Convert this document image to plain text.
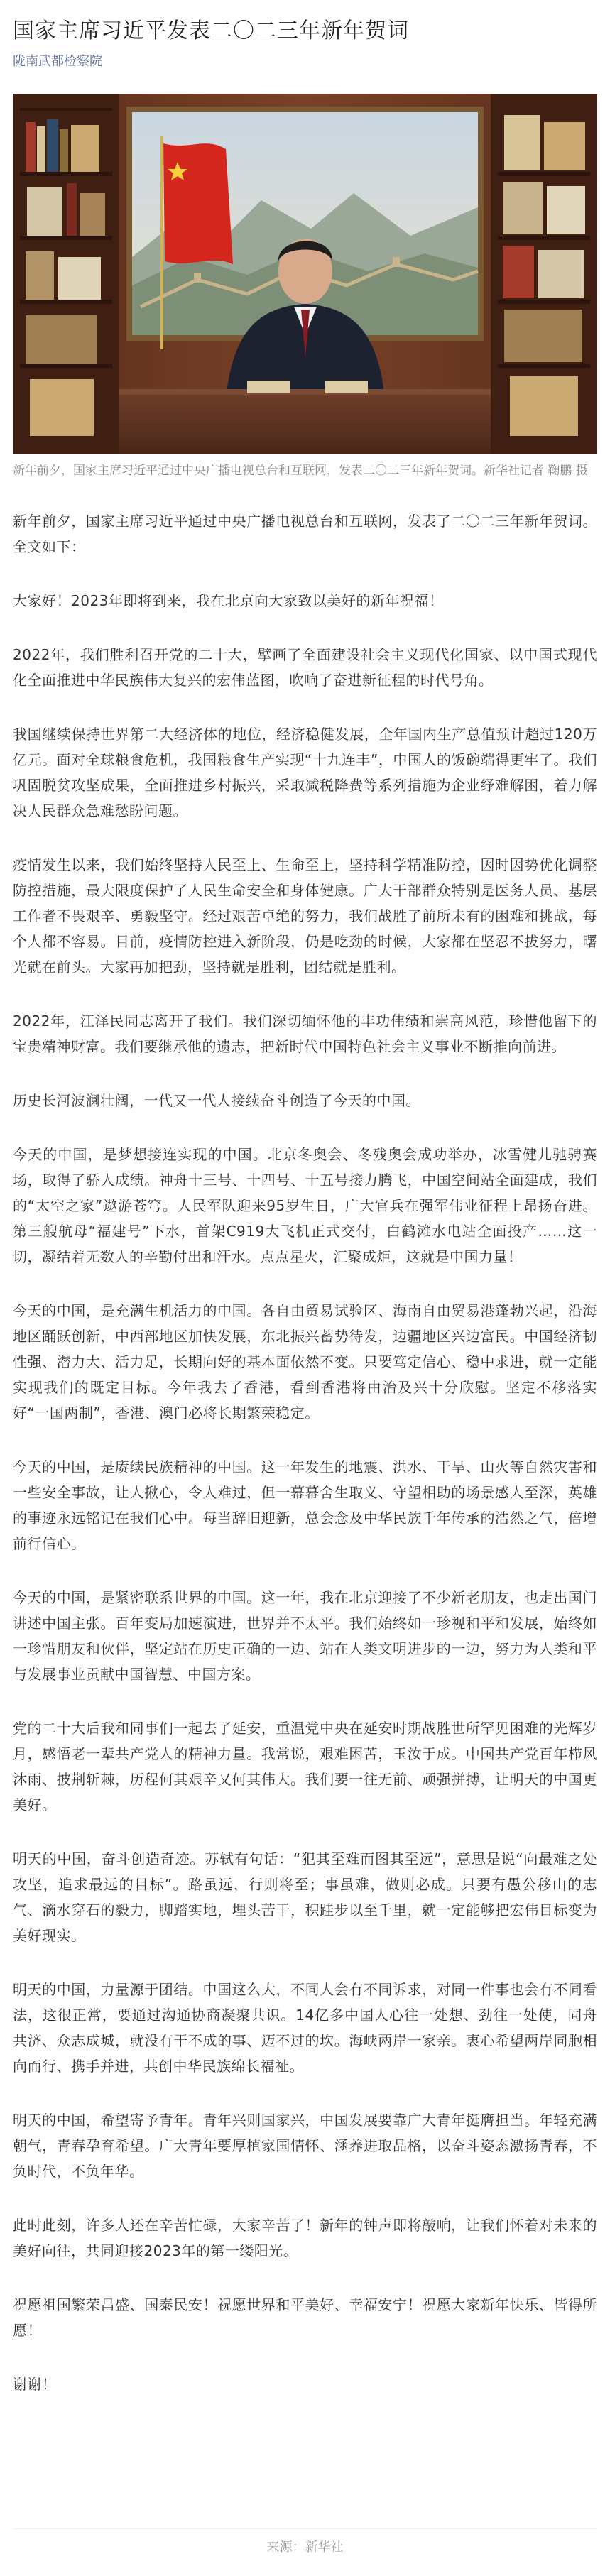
国家主席习近平发表二〇二三年新年贺词
陇南武都检察院

新年前夕，国家主席习近平通过中央广播电视总台和互联网，发表二〇二三年新年贺词。新华社记者 鞠鹏 摄

新年前夕，国家主席习近平通过中央广播电视总台和互联网，发表了二〇二三年新年贺词。全文如下：

大家好！2023年即将到来，我在北京向大家致以美好的新年祝福！

2022年，我们胜利召开党的二十大，擘画了全面建设社会主义现代化国家、以中国式现代化全面推进中华民族伟大复兴的宏伟蓝图，吹响了奋进新征程的时代号角。

我国继续保持世界第二大经济体的地位，经济稳健发展，全年国内生产总值预计超过120万亿元。面对全球粮食危机，我国粮食生产实现“十九连丰”，中国人的饭碗端得更牢了。我们巩固脱贫攻坚成果，全面推进乡村振兴，采取减税降费等系列措施为企业纾难解困，着力解决人民群众急难愁盼问题。

疫情发生以来，我们始终坚持人民至上、生命至上，坚持科学精准防控，因时因势优化调整防控措施，最大限度保护了人民生命安全和身体健康。广大干部群众特别是医务人员、基层工作者不畏艰辛、勇毅坚守。经过艰苦卓绝的努力，我们战胜了前所未有的困难和挑战，每个人都不容易。目前，疫情防控进入新阶段，仍是吃劲的时候，大家都在坚忍不拔努力，曙光就在前头。大家再加把劲，坚持就是胜利，团结就是胜利。

2022年，江泽民同志离开了我们。我们深切缅怀他的丰功伟绩和崇高风范，珍惜他留下的宝贵精神财富。我们要继承他的遗志，把新时代中国特色社会主义事业不断推向前进。

历史长河波澜壮阔，一代又一代人接续奋斗创造了今天的中国。

今天的中国，是梦想接连实现的中国。北京冬奥会、冬残奥会成功举办，冰雪健儿驰骋赛场，取得了骄人成绩。神舟十三号、十四号、十五号接力腾飞，中国空间站全面建成，我们的“太空之家”遨游苍穹。人民军队迎来95岁生日，广大官兵在强军伟业征程上昂扬奋进。第三艘航母“福建号”下水，首架C919大飞机正式交付，白鹤滩水电站全面投产……这一切，凝结着无数人的辛勤付出和汗水。点点星火，汇聚成炬，这就是中国力量！

今天的中国，是充满生机活力的中国。各自由贸易试验区、海南自由贸易港蓬勃兴起，沿海地区踊跃创新，中西部地区加快发展，东北振兴蓄势待发，边疆地区兴边富民。中国经济韧性强、潜力大、活力足，长期向好的基本面依然不变。只要笃定信心、稳中求进，就一定能实现我们的既定目标。今年我去了香港，看到香港将由治及兴十分欣慰。坚定不移落实好“一国两制”，香港、澳门必将长期繁荣稳定。

今天的中国，是赓续民族精神的中国。这一年发生的地震、洪水、干旱、山火等自然灾害和一些安全事故，让人揪心，令人难过，但一幕幕舍生取义、守望相助的场景感人至深，英雄的事迹永远铭记在我们心中。每当辞旧迎新，总会念及中华民族千年传承的浩然之气，倍增前行信心。

今天的中国，是紧密联系世界的中国。这一年，我在北京迎接了不少新老朋友，也走出国门讲述中国主张。百年变局加速演进，世界并不太平。我们始终如一珍视和平和发展，始终如一珍惜朋友和伙伴，坚定站在历史正确的一边、站在人类文明进步的一边，努力为人类和平与发展事业贡献中国智慧、中国方案。

党的二十大后我和同事们一起去了延安，重温党中央在延安时期战胜世所罕见困难的光辉岁月，感悟老一辈共产党人的精神力量。我常说，艰难困苦，玉汝于成。中国共产党百年栉风沐雨、披荆斩棘，历程何其艰辛又何其伟大。我们要一往无前、顽强拼搏，让明天的中国更美好。

明天的中国，奋斗创造奇迹。苏轼有句话：“犯其至难而图其至远”，意思是说“向最难之处攻坚，追求最远的目标”。路虽远，行则将至；事虽难，做则必成。只要有愚公移山的志气、滴水穿石的毅力，脚踏实地，埋头苦干，积跬步以至千里，就一定能够把宏伟目标变为美好现实。

明天的中国，力量源于团结。中国这么大，不同人会有不同诉求，对同一件事也会有不同看法，这很正常，要通过沟通协商凝聚共识。14亿多中国人心往一处想、劲往一处使，同舟共济、众志成城，就没有干不成的事、迈不过的坎。海峡两岸一家亲。衷心希望两岸同胞相向而行、携手并进，共创中华民族绵长福祉。

明天的中国，希望寄予青年。青年兴则国家兴，中国发展要靠广大青年挺膺担当。年轻充满朝气，青春孕育希望。广大青年要厚植家国情怀、涵养进取品格，以奋斗姿态激扬青春，不负时代，不负年华。

此时此刻，许多人还在辛苦忙碌，大家辛苦了！新年的钟声即将敲响，让我们怀着对未来的美好向往，共同迎接2023年的第一缕阳光。

祝愿祖国繁荣昌盛、国泰民安！祝愿世界和平美好、幸福安宁！祝愿大家新年快乐、皆得所愿！

谢谢！

来源：新华社
